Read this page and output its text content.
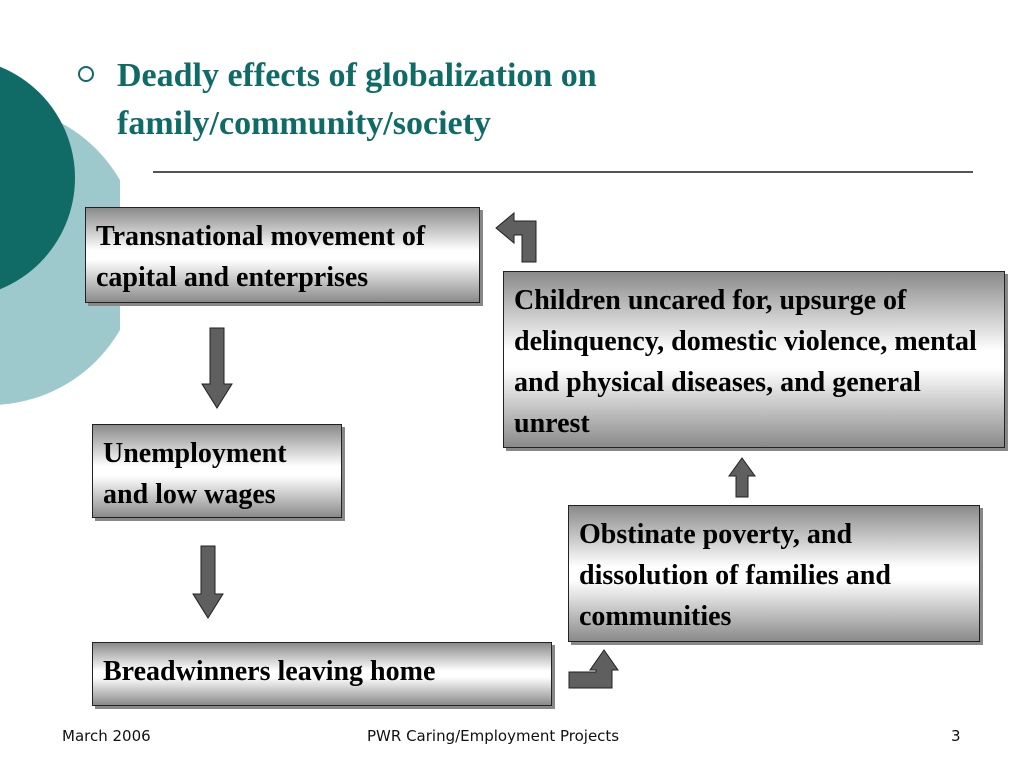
Deadly effects of globalization on family/community/society
Transnational movement of capital and enterprises
Unemployment and low wages
Breadwinners leaving home
Obstinate poverty, and dissolution of families and communities
Children uncared for, upsurge of delinquency, domestic violence, mental and physical diseases, and general unrest
March 2006	PWR Caring/Employment Projects	3
